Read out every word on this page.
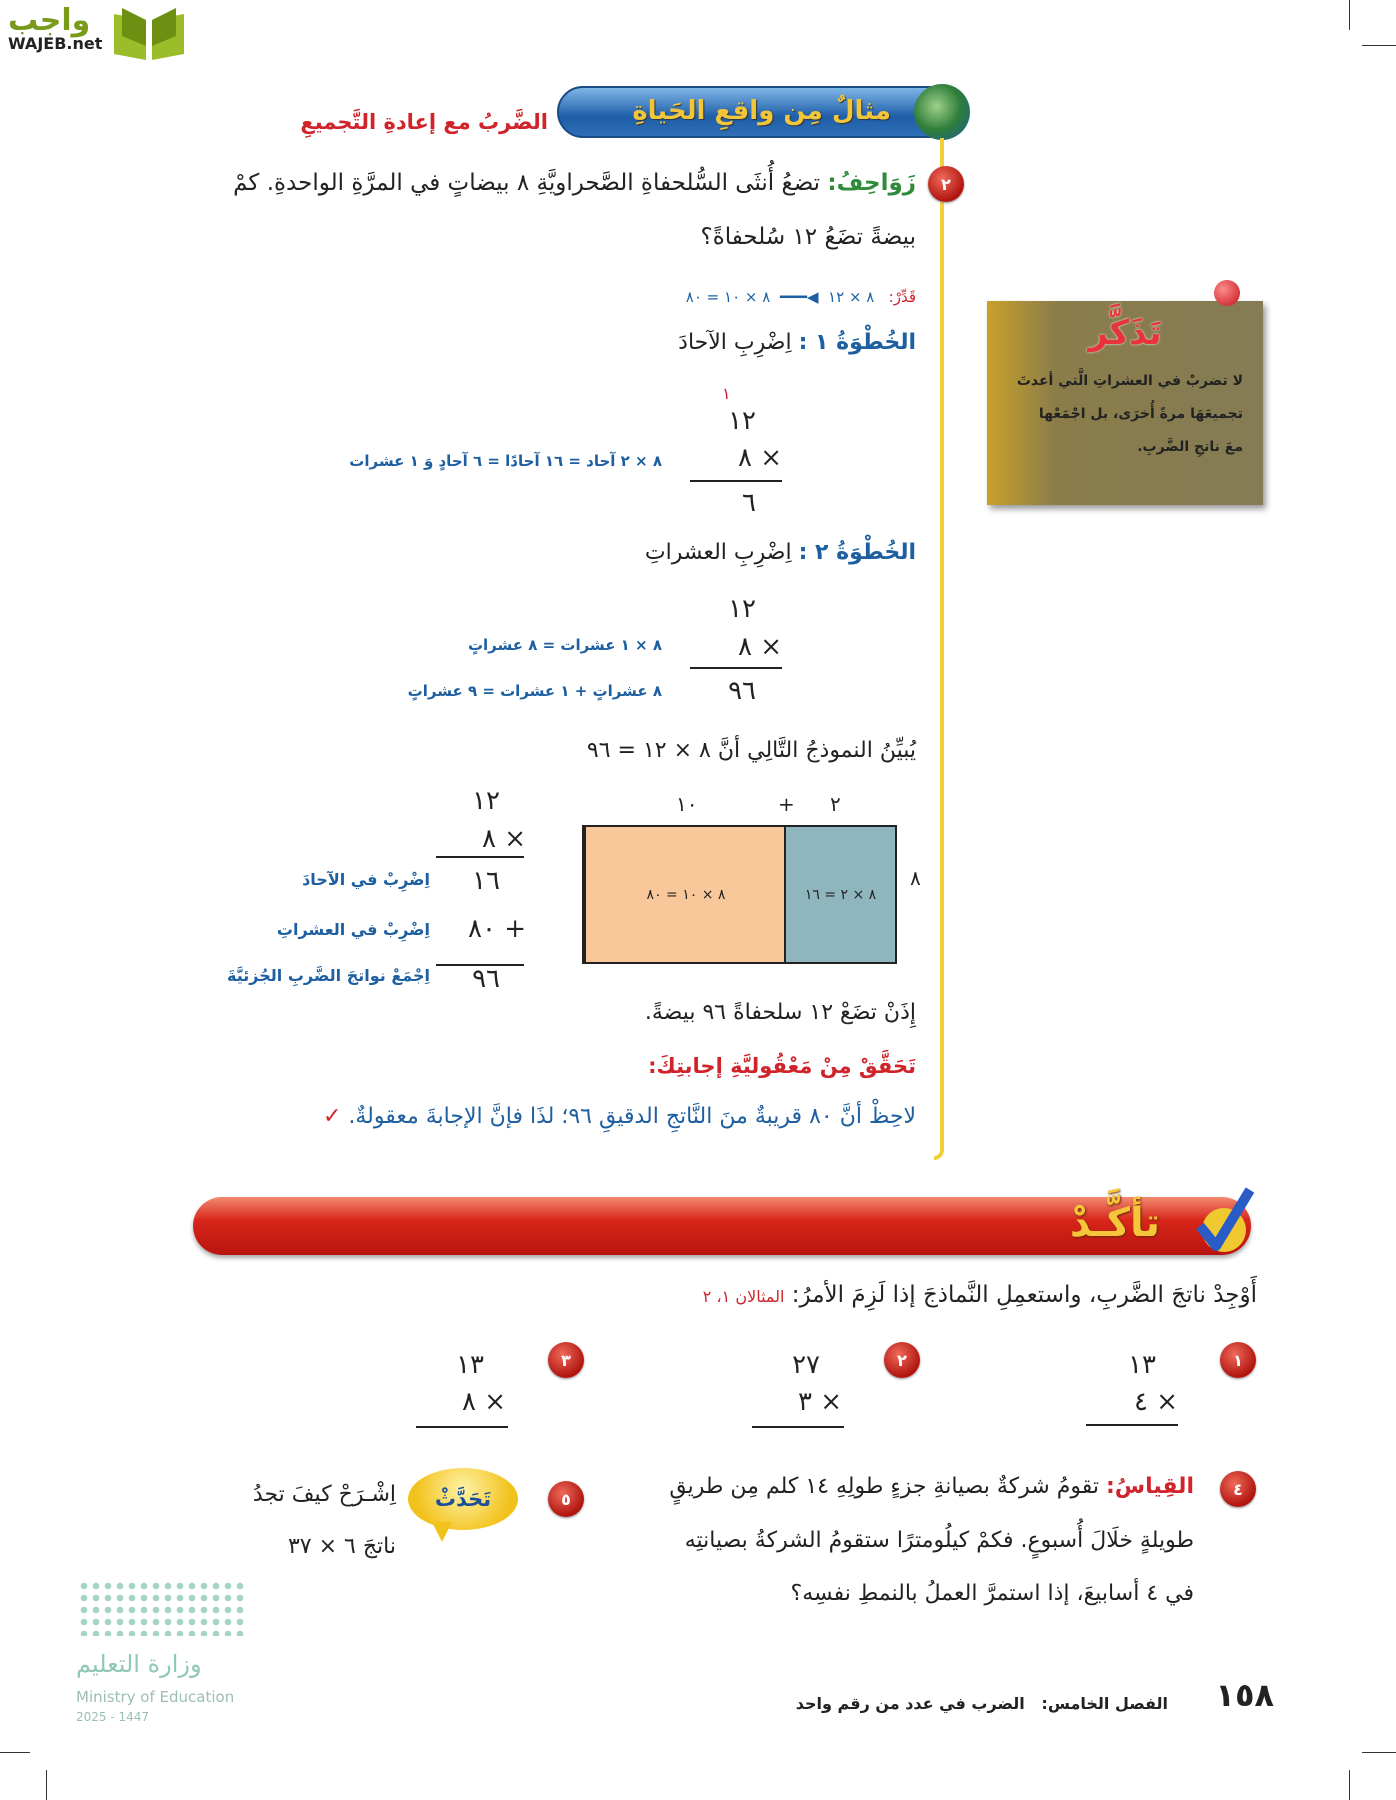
واجب
WAJEB.net
مثالٌ مِن واقعِ الحَياةِ
الضَّربُ مع إعادةِ التَّجميعِ
٢
زَوَاحِفُ: تضعُ أُنثَى السُّلحفاةِ الصَّحراويَّةِ ٨ بيضاتٍ في المرَّةِ الواحدةِ. كمْ
بيضةً تضَعُ ١٢ سُلحفاةً؟
قَدِّرْ:   ٨ × ١٢  ◀━━━  ٨ × ١٠ = ٨٠
الخُطْوَةُ ١ : اِضْرِبِ الآحادَ
١
١٢
× ٨
٦
٨ × ٢ آحاد = ١٦ آحادًا = ٦ آحادٍ وَ ١ عشرات
الخُطْوَةُ ٢ : اِضْرِبِ العشراتِ
١٢
× ٨
٩٦
٨ × ١ عشرات = ٨ عشراتٍ
٨ عشراتٍ + ١ عشرات = ٩ عشراتٍ
يُبيِّنُ النموذجُ التَّالِي أنَّ ٨ × ١٢ = ٩٦
١٠	+ ٢
٨
٨ × ١٠ = ٨٠	٨ × ٢ = ١٦
١٢
× ٨
١٦
+ ٨٠
٩٦
اِضْرِبْ في الآحادَ
اِضْرِبْ في العشراتِ
اِجْمَعْ نواتجَ الضَّربِ الجُزئيَّةَ
إِذَنْ تضَعْ ١٢ سلحفاةً ٩٦ بيضةً.
تَحَقَّقْ مِنْ مَعْقُوليَّةِ إجابتِكَ:
لاحِظْ أنَّ ٨٠ قريبةٌ منَ النَّاتجِ الدقيقِ ٩٦؛ لذَا فإنَّ الإجابةَ معقولةٌ. ✓
تَذَكَّر
لا تضربْ في العشراتِ الَّتي أعدتَ
تجميعَهَا مرةً أُخرَى، بل اجْمَعْها
معَ ناتجِ الضَّربِ.
تأكَّـدْ
أَوْجِدْ ناتجَ الضَّربِ، واستعمِلِ النَّماذجَ إذا لَزِمَ الأمرُ: المثالان ١، ٢
١
١٣
× ٤
٢
٢٧
× ٣
٣
١٣
× ٨
٤
القِياسُ: تقومُ شركةٌ بصيانةِ جزءٍ طولِهِ ١٤ كلم مِن طريقٍ
طويلةٍ خلَالَ أُسبوعٍ. فكمْ كيلُومترًا ستقومُ الشركةُ بصيانتِه
في ٤ أسابيعَ، إذا استمرَّ العملُ بالنمطِ نفسِه؟
٥
تَحَدَّثْ
اِشْـرَحْ كيفَ تجدُ
ناتجَ ٦ × ٣٧
وزارة التعليم
Ministry of Education
2025 - 1447
١٥٨
الفصل الخامس:   الضرب في عدد من رقم واحد
